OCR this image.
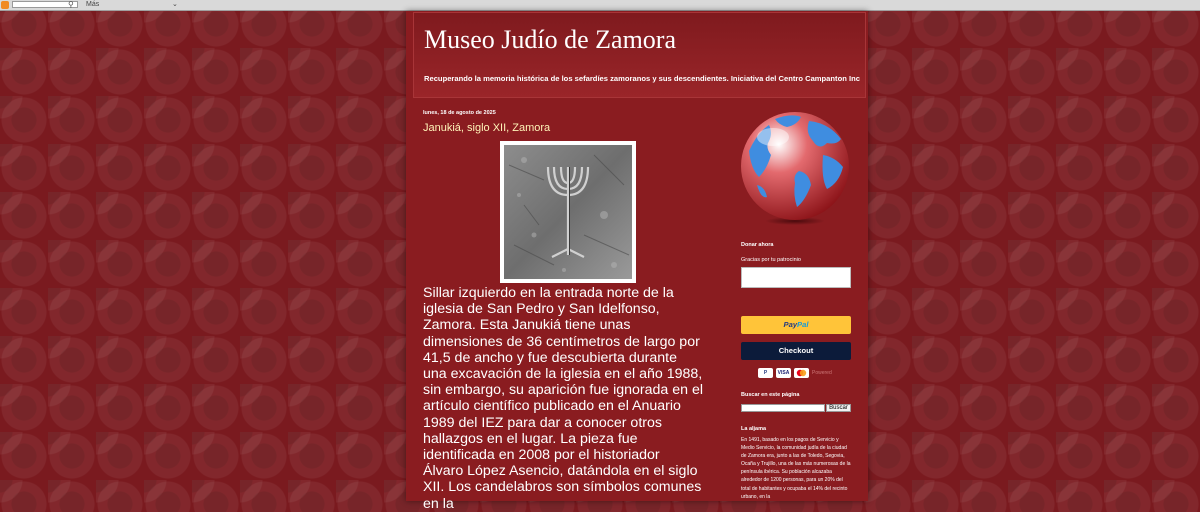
⚲ Más	⌄
Museo Judío de Zamora
Recuperando la memoria histórica de los sefardíes zamoranos y sus descendientes. Iniciativa del Centro Campanton Inc
lunes, 18 de agosto de 2025
Janukiá, siglo XII, Zamora
Sillar izquierdo en la entrada norte de la iglesia de San Pedro y San Idelfonso, Zamora. Esta Janukiá tiene unas dimensiones de 36 centímetros de largo por 41,5 de ancho y fue descubierta durante una excavación de la iglesia en el año 1988, sin embargo, su aparición fue ignorada en el artículo científico publicado en el Anuario 1989 del IEZ para dar a conocer otros hallazgos en el lugar. La pieza fue identificada en 2008 por el historiador Álvaro López Asencio, datándola en el siglo XII. Los candelabros son símbolos comunes en la
Donar ahora
Gracias por tu patrocinio
PayPal
Checkout
P	VISA	Powered
Buscar en este página
Buscar
La aljama
En 1491, basado en los pagos de Servicio y Medio Servicio, la comunidad judía de la ciudad de Zamora era, junto a las de Toledo, Segovia, Ocaña y Trujillo, una de las más numerosas de la península ibérica. Su población alcazaba alrededor de 1200 personas, para un 20% del total de habitantes y ocupaba el 14% del recinto urbano, en la
